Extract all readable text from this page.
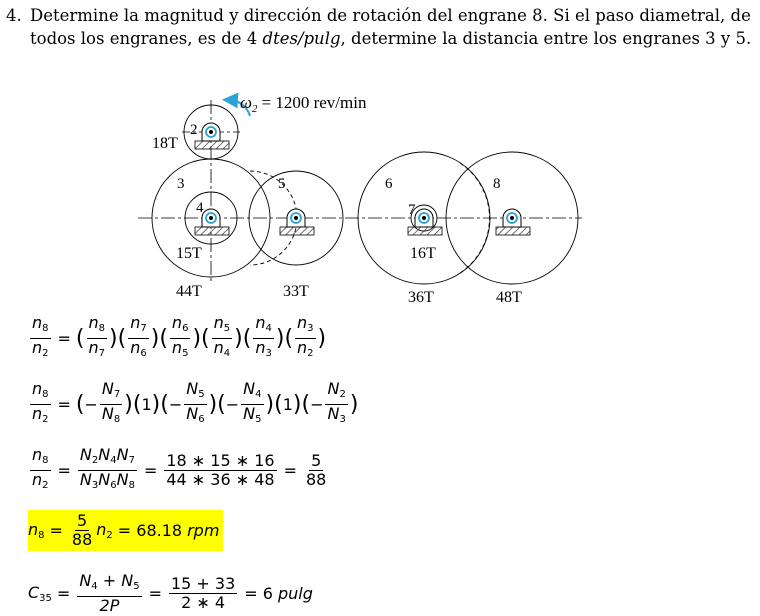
4. Determine la magnitud y dirección de rotación del engrane 8. Si el paso diametral, de
todos los engranes, es de 4 dtes/pulg, determine la distancia entre los engranes 3 y 5.
$\omega_2 = 1200$ rev/min
2
3
4
5	6
7
8
18T
15T
44T	33T
16T
36T	48T
$\frac{n_8}{n_2}$ = ( $\frac{n_8}{n_7}$ ) ( $\frac{n_7}{n_6}$ ) ( $\frac{n_6}{n_5}$ ) ( $\frac{n_5}{n_4}$ ) ( $\frac{n_4}{n_3}$ ) ( $\frac{n_3}{n_2}$ )
$\frac{n_8}{n_2}$ = ( − $\frac{N_7}{N_8}$ ) ( 1 ) ( − $\frac{N_5}{N_6}$ ) ( − $\frac{N_4}{N_5}$ ) ( 1 ) ( − $\frac{N_2}{N_3}$ )
$\frac{n_8}{n_2} = \frac{N_2N_4N_7}{N_3N_6N_8} = \frac{18 ∗ 15 ∗ 16}{44 ∗ 36 ∗ 48} = \frac{5}{88}$
$n_8 = \frac{5}{88} n_2 = 68.18$ rpm
$C_{35} = \frac{N_4 + N_5}{2P} = \frac{15 + 33}{2 ∗ 4} = 6$ pulg
